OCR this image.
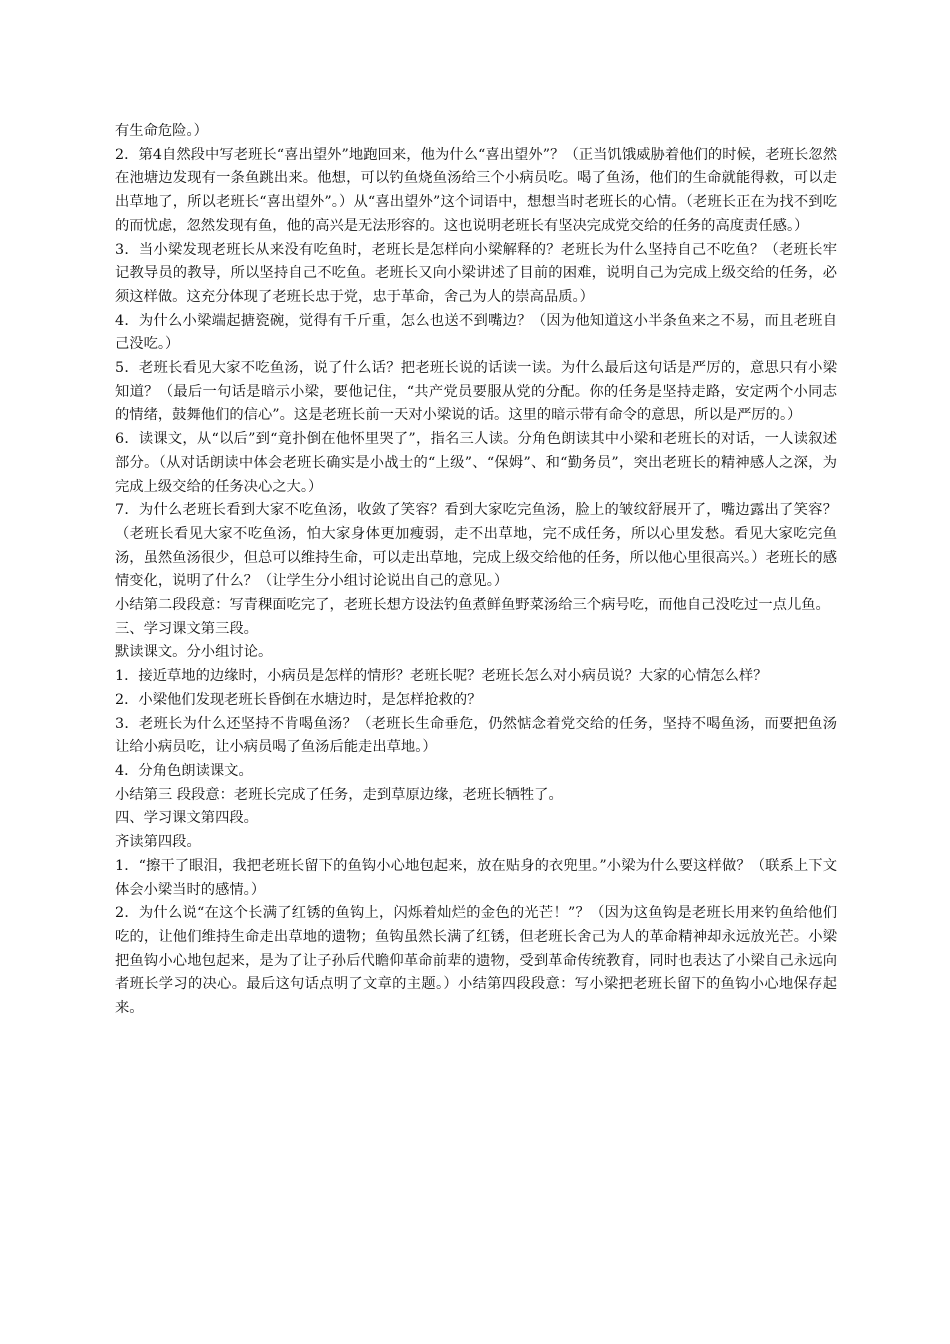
有生命危险。）

2．第4自然段中写老班长“喜出望外”地跑回来，他为什么“喜出望外”？（正当饥饿威胁着他们的时候，老班长忽然在池塘边发现有一条鱼跳出来。他想，可以钓鱼烧鱼汤给三个小病员吃。喝了鱼汤，他们的生命就能得救，可以走出草地了，所以老班长“喜出望外”。）从“喜出望外”这个词语中，想想当时老班长的心情。（老班长正在为找不到吃的而忧虑，忽然发现有鱼，他的高兴是无法形容的。这也说明老班长有坚决完成党交给的任务的高度责任感。）

3．当小梁发现老班长从来没有吃鱼时，老班长是怎样向小梁解释的？老班长为什么坚持自己不吃鱼？（老班长牢记教导员的教导，所以坚持自己不吃鱼。老班长又向小梁讲述了目前的困难，说明自己为完成上级交给的任务，必须这样做。这充分体现了老班长忠于党，忠于革命，舍己为人的崇高品质。）

4．为什么小梁端起搪瓷碗，觉得有千斤重，怎么也送不到嘴边？（因为他知道这小半条鱼来之不易，而且老班自己没吃。）

5．老班长看见大家不吃鱼汤，说了什么话？把老班长说的话读一读。为什么最后这句话是严厉的，意思只有小梁知道？（最后一句话是暗示小梁，要他记住，“共产党员要服从党的分配。你的任务是坚持走路，安定两个小同志的情绪，鼓舞他们的信心”。这是老班长前一天对小梁说的话。这里的暗示带有命令的意思，所以是严厉的。）

6．读课文，从“以后”到“竟扑倒在他怀里哭了”，指名三人读。分角色朗读其中小梁和老班长的对话，一人读叙述部分。（从对话朗读中体会老班长确实是小战士的“上级”、“保姆”、和“勤务员”，突出老班长的精神感人之深，为完成上级交给的任务决心之大。）

7．为什么老班长看到大家不吃鱼汤，收敛了笑容？看到大家吃完鱼汤，脸上的皱纹舒展开了，嘴边露出了笑容？（老班长看见大家不吃鱼汤，怕大家身体更加瘦弱，走不出草地，完不成任务，所以心里发愁。看见大家吃完鱼汤，虽然鱼汤很少，但总可以维持生命，可以走出草地，完成上级交给他的任务，所以他心里很高兴。）老班长的感情变化，说明了什么？（让学生分小组讨论说出自己的意见。）

小结第二段段意：写青稞面吃完了，老班长想方设法钓鱼煮鲜鱼野菜汤给三个病号吃，而他自己没吃过一点儿鱼。

三、学习课文第三段。

默读课文。分小组讨论。

1．接近草地的边缘时，小病员是怎样的情形？老班长呢？老班长怎么对小病员说？大家的心情怎么样？

2．小梁他们发现老班长昏倒在水塘边时，是怎样抢救的？

3．老班长为什么还坚持不肯喝鱼汤？（老班长生命垂危，仍然惦念着党交给的任务，坚持不喝鱼汤，而要把鱼汤让给小病员吃，让小病员喝了鱼汤后能走出草地。）

4．分角色朗读课文。

小结第三 段段意：老班长完成了任务，走到草原边缘，老班长牺牲了。

四、学习课文第四段。

齐读第四段。

1．“擦干了眼泪，我把老班长留下的鱼钩小心地包起来，放在贴身的衣兜里。”小梁为什么要这样做？（联系上下文体会小梁当时的感情。）

2．为什么说“在这个长满了红锈的鱼钩上，闪烁着灿烂的金色的光芒！”？（因为这鱼钩是老班长用来钓鱼给他们吃的，让他们维持生命走出草地的遗物；鱼钩虽然长满了红锈，但老班长舍己为人的革命精神却永远放光芒。小梁把鱼钩小心地包起来，是为了让子孙后代瞻仰革命前辈的遗物，受到革命传统教育，同时也表达了小梁自己永远向者班长学习的决心。最后这句话点明了文章的主题。）小结第四段段意：写小梁把老班长留下的鱼钩小心地保存起来。
